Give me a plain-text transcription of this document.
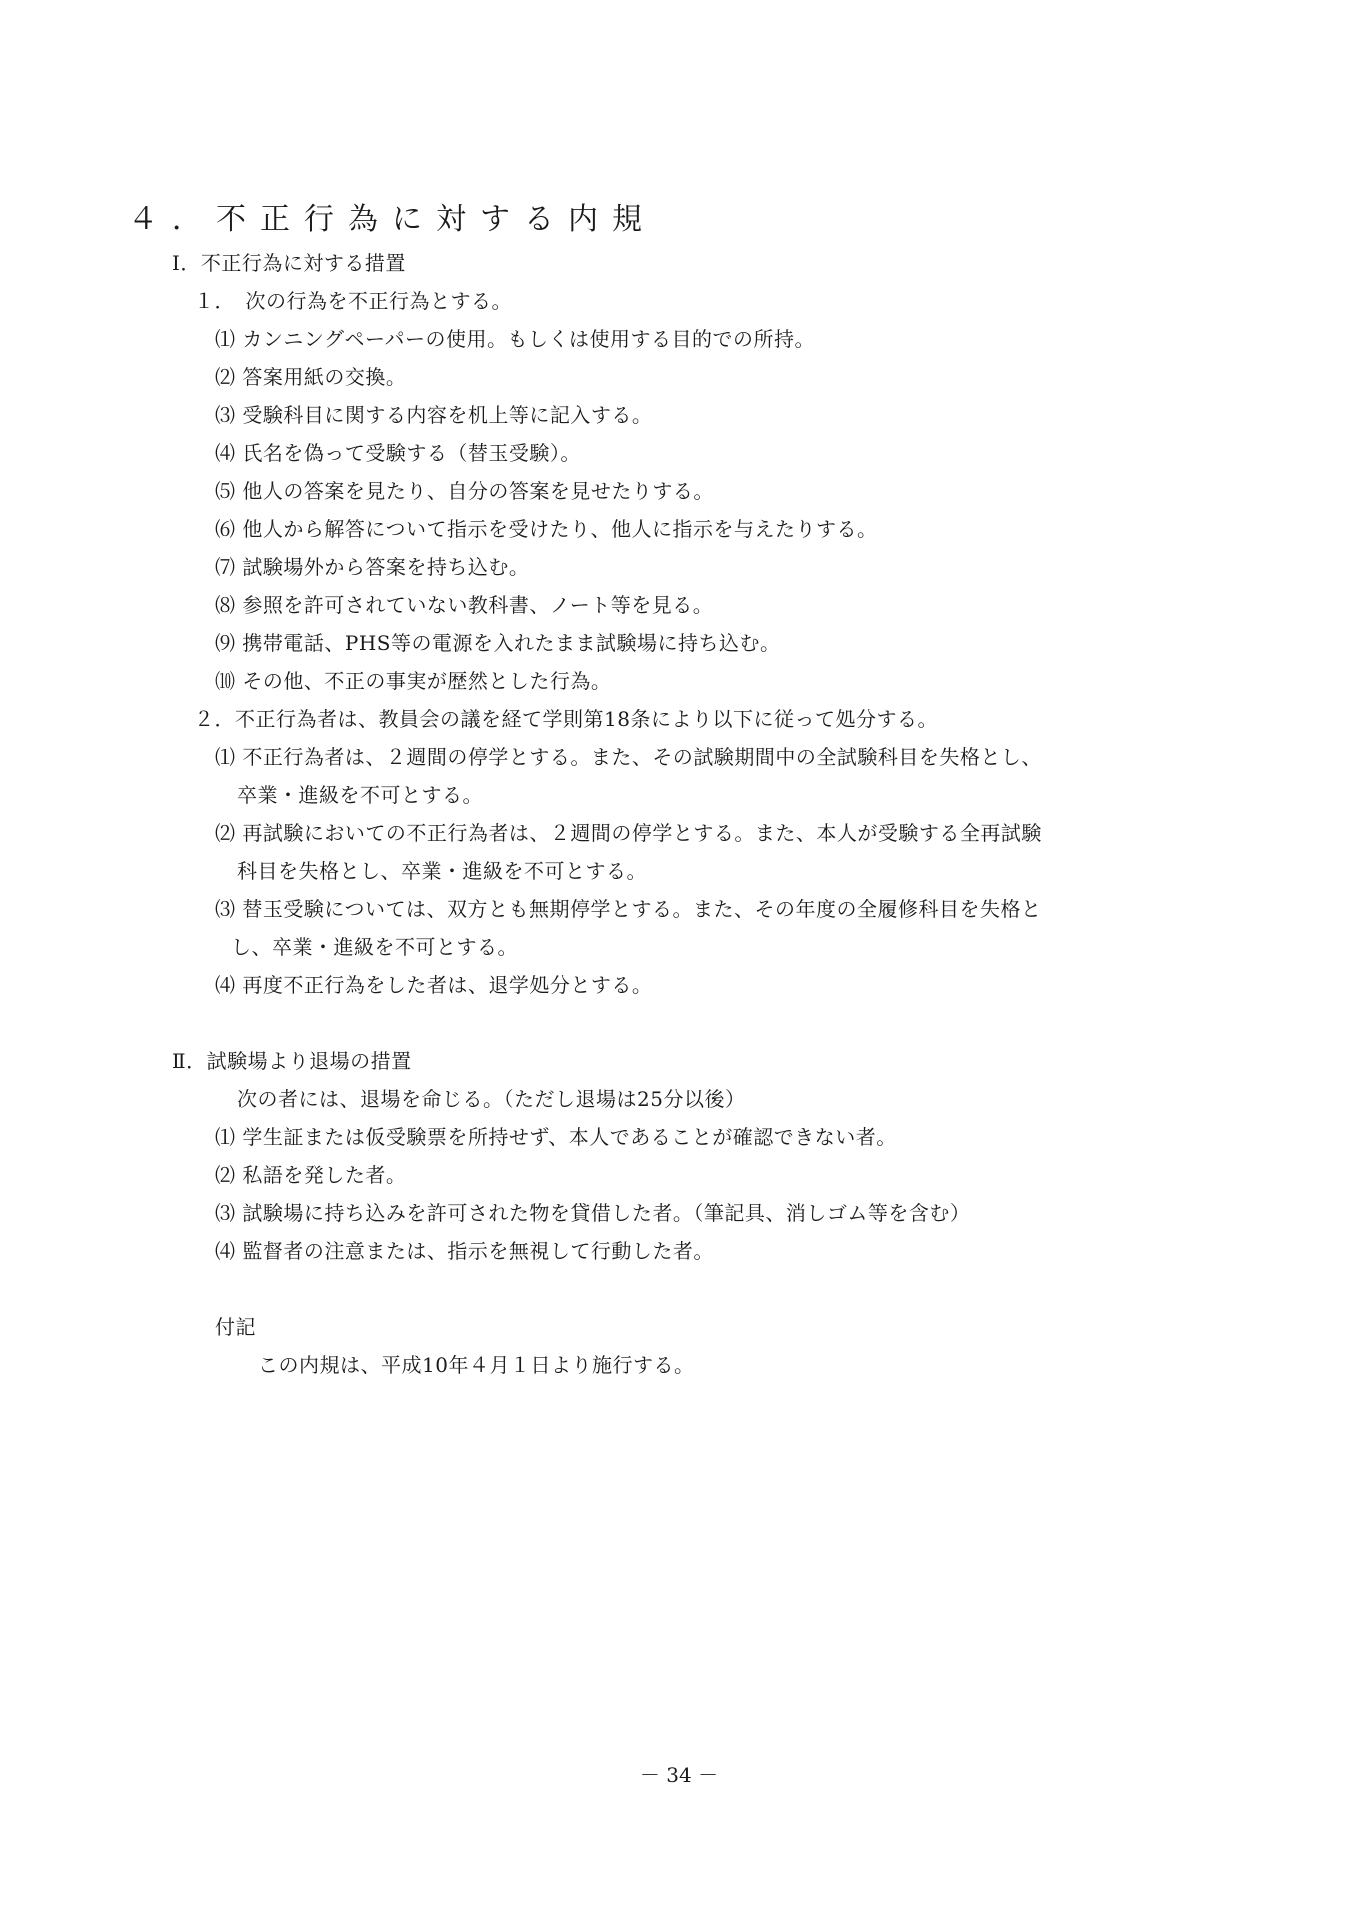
４．不正行為に対する内規
Ⅰ．不正行為に対する措置
１．　次の行為を不正行為とする。
⑴ カンニングペーパーの使用。もしくは使用する目的での所持。
⑵ 答案用紙の交換。
⑶ 受験科目に関する内容を机上等に記入する。
⑷ 氏名を偽って受験する（替玉受験）。
⑸ 他人の答案を見たり、自分の答案を見せたりする。
⑹ 他人から解答について指示を受けたり、他人に指示を与えたりする。
⑺ 試験場外から答案を持ち込む。
⑻ 参照を許可されていない教科書、ノート等を見る。
⑼ 携帯電話、PHS等の電源を入れたまま試験場に持ち込む。
⑽ その他、不正の事実が歴然とした行為。
２．不正行為者は、教員会の議を経て学則第18条により以下に従って処分する。
⑴ 不正行為者は、２週間の停学とする。また、その試験期間中の全試験科目を失格とし、
卒業・進級を不可とする。
⑵ 再試験においての不正行為者は、２週間の停学とする。また、本人が受験する全再試験
科目を失格とし、卒業・進級を不可とする。
⑶ 替玉受験については、双方とも無期停学とする。また、その年度の全履修科目を失格と
し、卒業・進級を不可とする。
⑷ 再度不正行為をした者は、退学処分とする。
Ⅱ．試験場より退場の措置
次の者には、退場を命じる。（ただし退場は25分以後）
⑴ 学生証または仮受験票を所持せず、本人であることが確認できない者。
⑵ 私語を発した者。
⑶ 試験場に持ち込みを許可された物を貸借した者。（筆記具、消しゴム等を含む）
⑷ 監督者の注意または、指示を無視して行動した者。
付記
この内規は、平成10年４月１日より施行する。
－ 34 －
